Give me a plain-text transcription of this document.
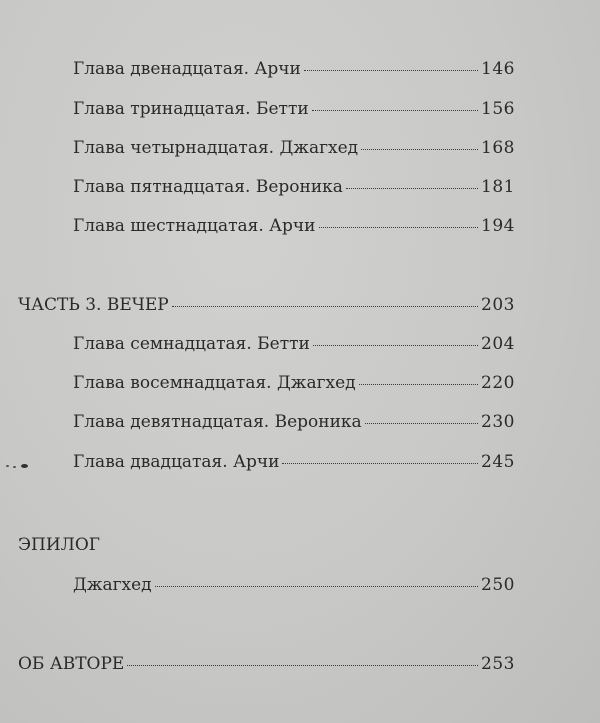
Глава двенадцатая. Арчи	146
Глава тринадцатая. Бетти	156
Глава четырнадцатая. Джагхед	168
Глава пятнадцатая. Вероника	181
Глава шестнадцатая. Арчи	194
ЧАСТЬ 3. ВЕЧЕР	203
Глава семнадцатая. Бетти	204
Глава восемнадцатая. Джагхед	220
Глава девятнадцатая. Вероника	230
Глава двадцатая. Арчи	245
ЭПИЛОГ
Джагхед	250
ОБ АВТОРЕ	253
